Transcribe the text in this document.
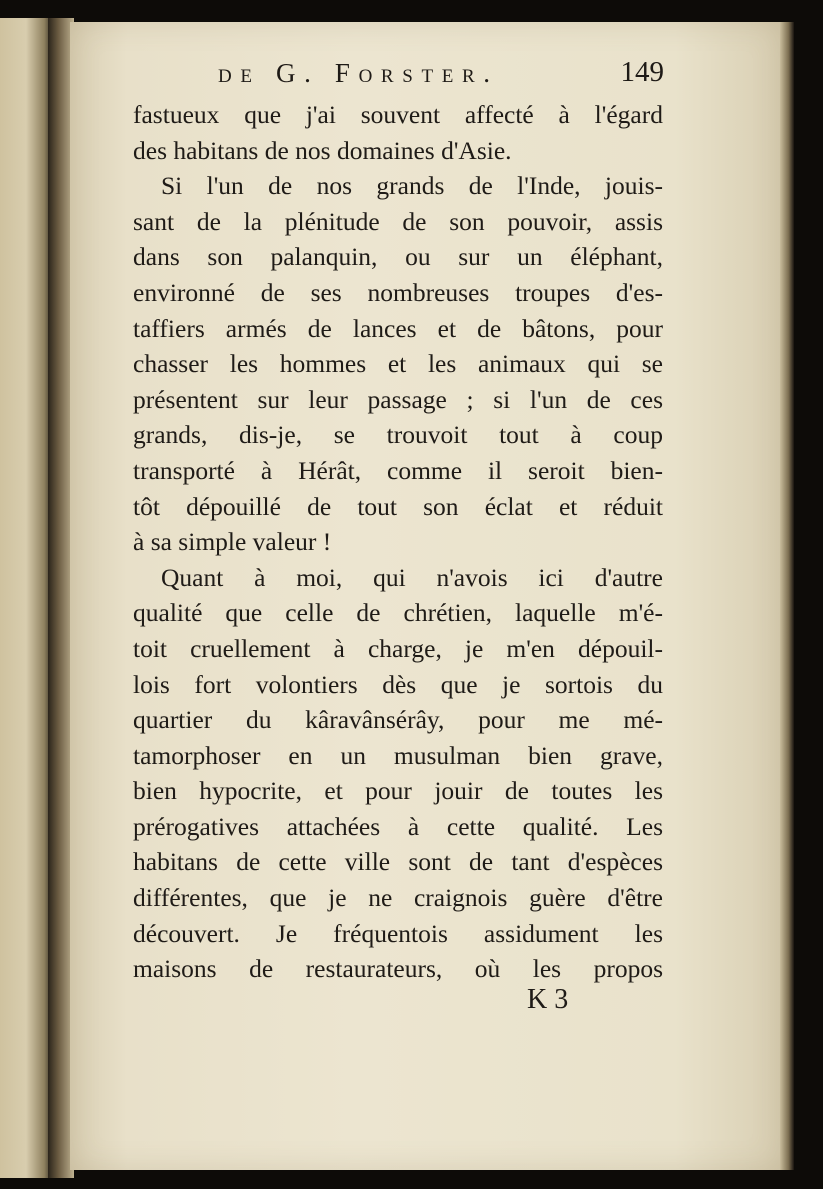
de G. Forster.	149
fastueux que j'ai souvent affecté à l'égard
des habitans de nos domaines d'Asie.
Si l'un de nos grands de l'Inde, jouis-
sant de la plénitude de son pouvoir, assis
dans son palanquin, ou sur un éléphant,
environné de ses nombreuses troupes d'es-
taffiers armés de lances et de bâtons, pour
chasser les hommes et les animaux qui se
présentent sur leur passage ; si l'un de ces
grands, dis-je, se trouvoit tout à coup
transporté à Hérât, comme il seroit bien-
tôt dépouillé de tout son éclat et réduit
à sa simple valeur !
Quant à moi, qui n'avois ici d'autre
qualité que celle de chrétien, laquelle m'é-
toit cruellement à charge, je m'en dépouil-
lois fort volontiers dès que je sortois du
quartier du kâravânsérây, pour me mé-
tamorphoser en un musulman bien grave,
bien hypocrite, et pour jouir de toutes les
prérogatives attachées à cette qualité. Les
habitans de cette ville sont de tant d'espèces
différentes, que je ne craignois guère d'être
découvert. Je fréquentois assidument les
maisons de restaurateurs, où les propos
K 3
